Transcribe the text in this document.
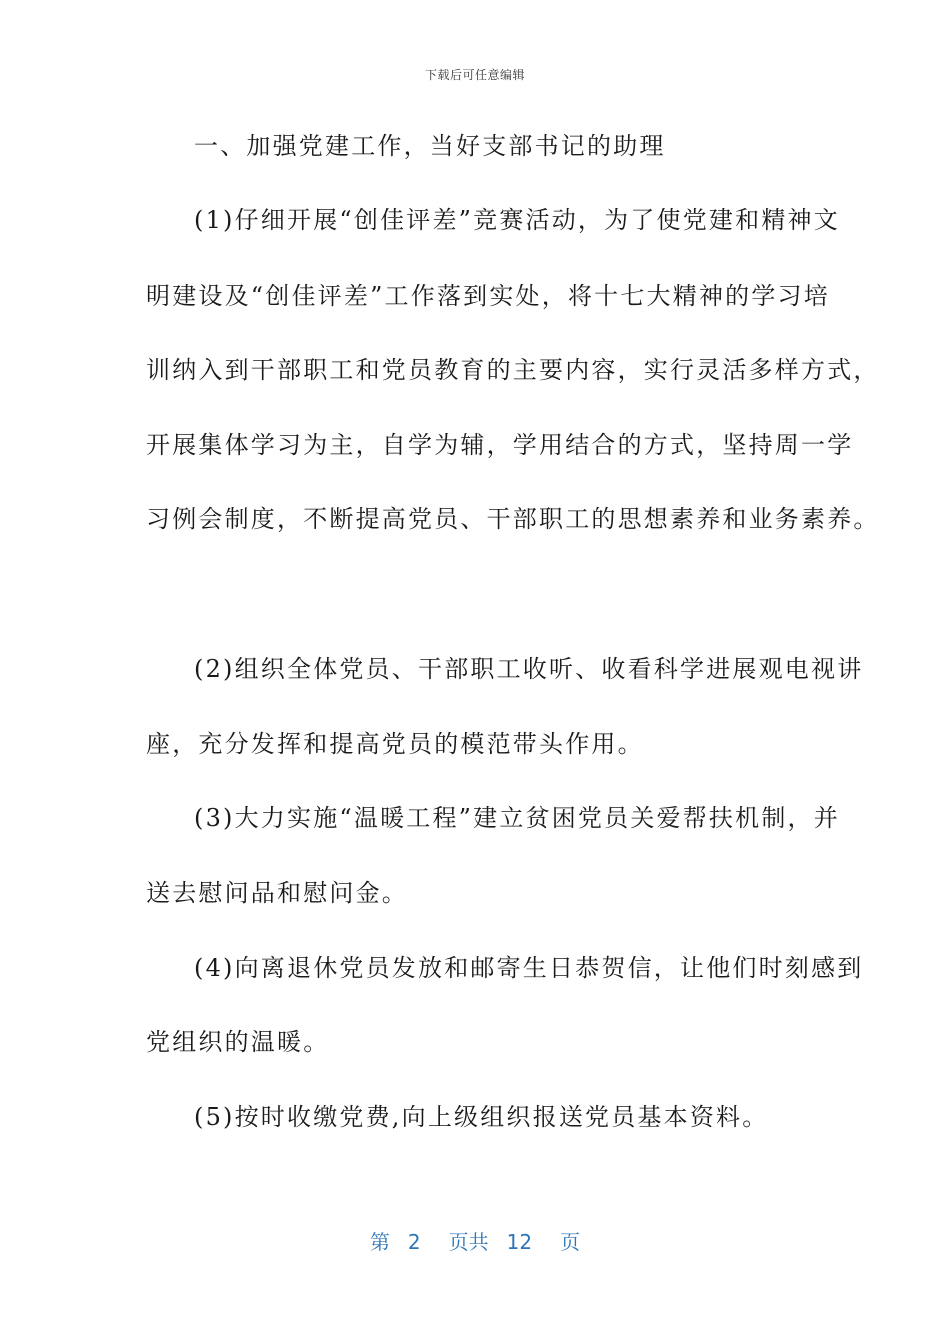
下载后可任意编辑
一、加强党建工作，当好支部书记的助理
(1)仔细开展“创佳评差”竞赛活动，为了使党建和精神文
明建设及“创佳评差”工作落到实处，将十七大精神的学习培
训纳入到干部职工和党员教育的主要内容，实行灵活多样方式，
开展集体学习为主，自学为辅，学用结合的方式，坚持周一学
习例会制度，不断提高党员、干部职工的思想素养和业务素养。
(2)组织全体党员、干部职工收听、收看科学进展观电视讲
座，充分发挥和提高党员的模范带头作用。
(3)大力实施“温暖工程”建立贫困党员关爱帮扶机制，并
送去慰问品和慰问金。
(4)向离退休党员发放和邮寄生日恭贺信，让他们时刻感到
党组织的温暖。
(5)按时收缴党费,向上级组织报送党员基本资料。
第 2 页共 12 页
